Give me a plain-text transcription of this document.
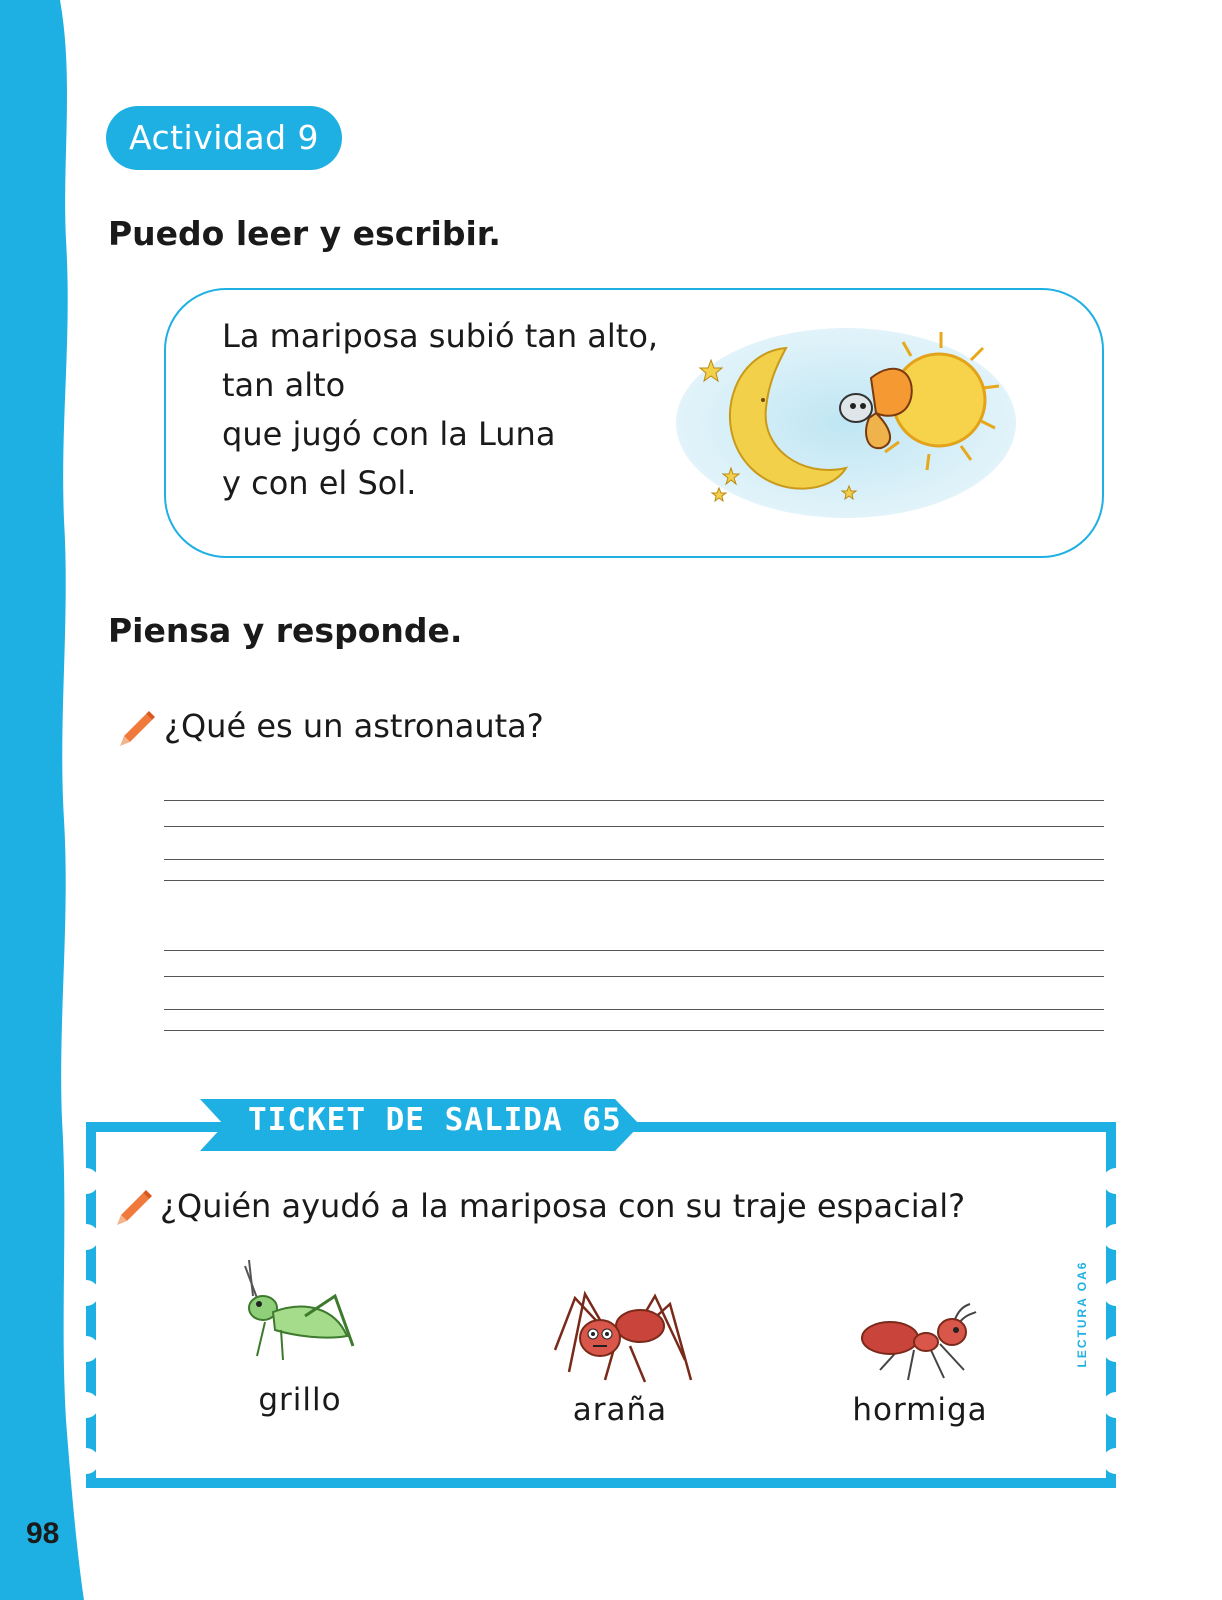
98
Actividad 9
Puedo leer y escribir.
La mariposa subió tan alto,
tan alto
que jugó con la Luna
y con el Sol.
Piensa y responde.
¿Qué es un astronauta?
TICKET DE SALIDA 65
LECTURA OA6
¿Quién ayudó a la mariposa con su traje espacial?
grillo	araña	hormiga
